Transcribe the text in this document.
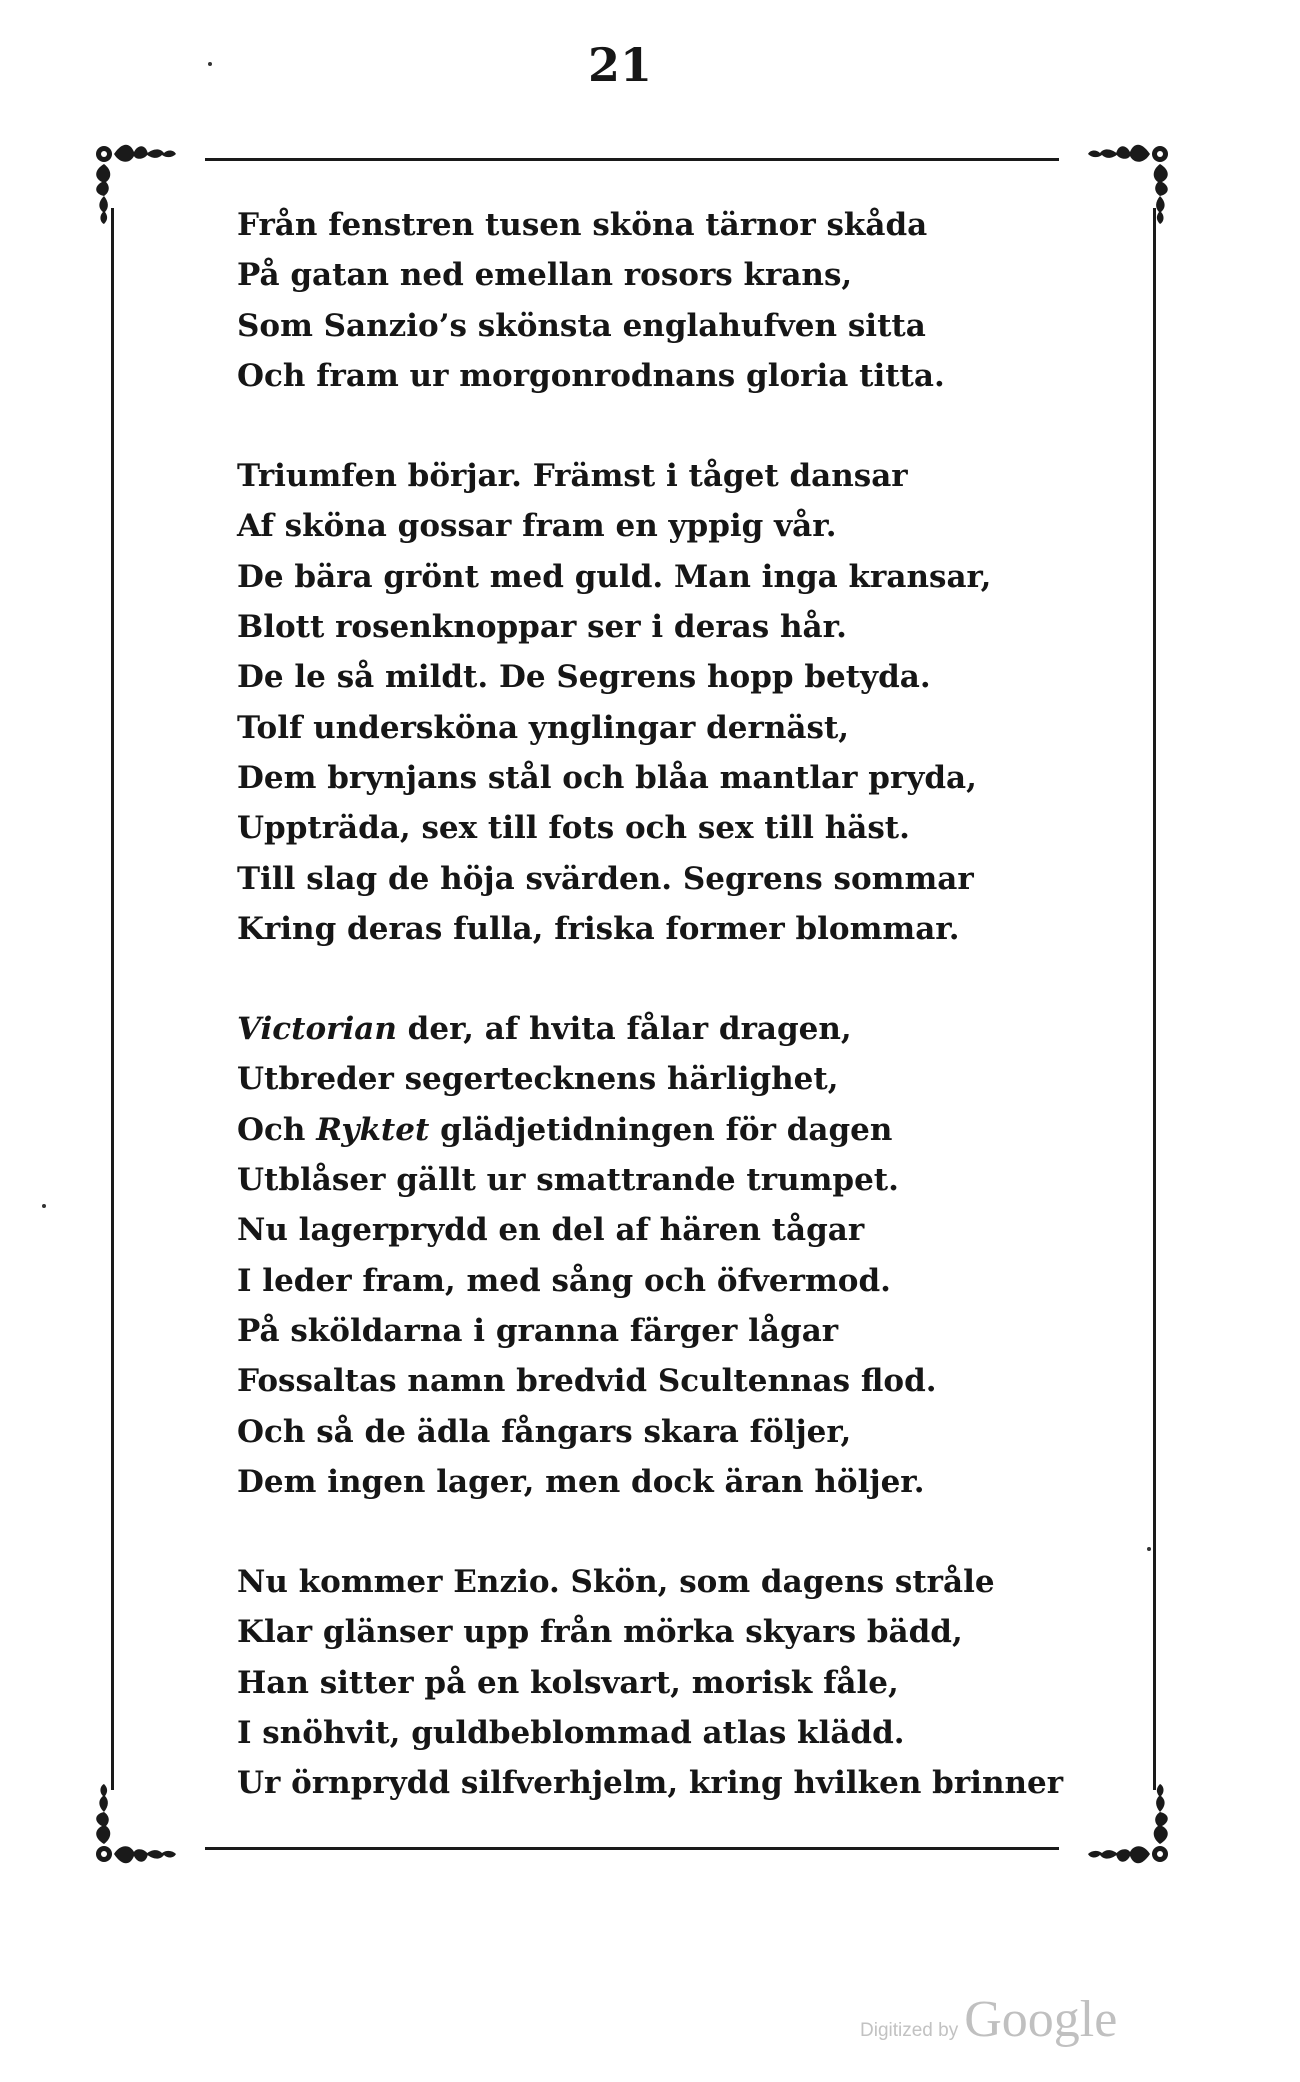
21
Från fenstren tusen sköna tärnor skåda
På gatan ned emellan rosors krans,
Som Sanzio’s skönsta englahufven sitta
Och fram ur morgonrodnans gloria titta.
Triumfen börjar. Främst i tåget dansar
Af sköna gossar fram en yppig vår.
De bära grönt med guld. Man inga kransar,
Blott rosenknoppar ser i deras hår.
De le så mildt. De Segrens hopp betyda.
Tolf undersköna ynglingar dernäst,
Dem brynjans stål och blåa mantlar pryda,
Uppträda, sex till fots och sex till häst.
Till slag de höja svärden. Segrens sommar
Kring deras fulla, friska former blommar.
Victorian der, af hvita fålar dragen,
Utbreder segertecknens härlighet,
Och Ryktet glädjetidningen för dagen
Utblåser gällt ur smattrande trumpet.
Nu lagerprydd en del af hären tågar
I leder fram, med sång och öfvermod.
På sköldarna i granna färger lågar
Fossaltas namn bredvid Scultennas flod.
Och så de ädla fångars skara följer,
Dem ingen lager, men dock äran höljer.
Nu kommer Enzio. Skön, som dagens stråle
Klar glänser upp från mörka skyars bädd,
Han sitter på en kolsvart, morisk fåle,
I snöhvit, guldbeblommad atlas klädd.
Ur örnprydd silfverhjelm, kring hvilken brinner
Digitized by Google
